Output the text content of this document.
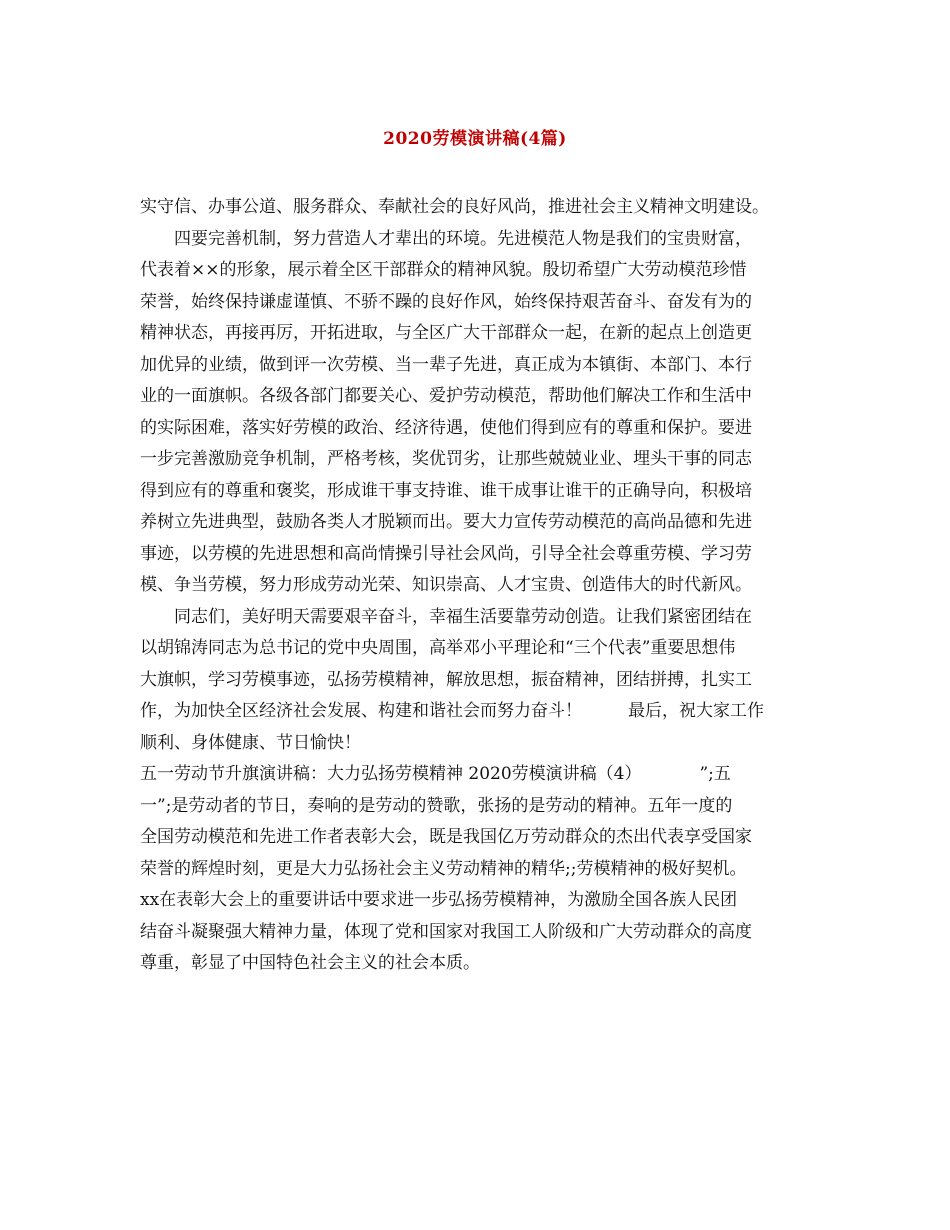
2020劳模演讲稿(4篇)
实守信、办事公道、服务群众、奉献社会的良好风尚，推进社会主义精神文明建设。
四要完善机制，努力营造人才辈出的环境。先进模范人物是我们的宝贵财富，
代表着××的形象，展示着全区干部群众的精神风貌。殷切希望广大劳动模范珍惜
荣誉，始终保持谦虚谨慎、不骄不躁的良好作风，始终保持艰苦奋斗、奋发有为的
精神状态，再接再厉，开拓进取，与全区广大干部群众一起，在新的起点上创造更
加优异的业绩，做到评一次劳模、当一辈子先进，真正成为本镇街、本部门、本行
业的一面旗帜。各级各部门都要关心、爱护劳动模范，帮助他们解决工作和生活中
的实际困难，落实好劳模的政治、经济待遇，使他们得到应有的尊重和保护。要进
一步完善激励竞争机制，严格考核，奖优罚劣，让那些兢兢业业、埋头干事的同志
得到应有的尊重和褒奖，形成谁干事支持谁、谁干成事让谁干的正确导向，积极培
养树立先进典型，鼓励各类人才脱颖而出。要大力宣传劳动模范的高尚品德和先进
事迹，以劳模的先进思想和高尚情操引导社会风尚，引导全社会尊重劳模、学习劳
模、争当劳模，努力形成劳动光荣、知识崇高、人才宝贵、创造伟大的时代新风。
同志们，美好明天需要艰辛奋斗，幸福生活要靠劳动创造。让我们紧密团结在
以胡锦涛同志为总书记的党中央周围，高举邓小平理论和“三个代表”重要思想伟
大旗帜，学习劳模事迹，弘扬劳模精神，解放思想，振奋精神，团结拼搏，扎实工
作，为加快全区经济社会发展、构建和谐社会而努力奋斗！	最后，祝大家工作
顺利、身体健康、节日愉快！
五一劳动节升旗演讲稿：大力弘扬劳模精神 2020劳模演讲稿（4）	”;五
一”;是劳动者的节日，奏响的是劳动的赞歌，张扬的是劳动的精神。五年一度的
全国劳动模范和先进工作者表彰大会，既是我国亿万劳动群众的杰出代表享受国家
荣誉的辉煌时刻，更是大力弘扬社会主义劳动精神的精华;;劳模精神的极好契机。
xx在表彰大会上的重要讲话中要求进一步弘扬劳模精神，为激励全国各族人民团
结奋斗凝聚强大精神力量，体现了党和国家对我国工人阶级和广大劳动群众的高度
尊重，彰显了中国特色社会主义的社会本质。
